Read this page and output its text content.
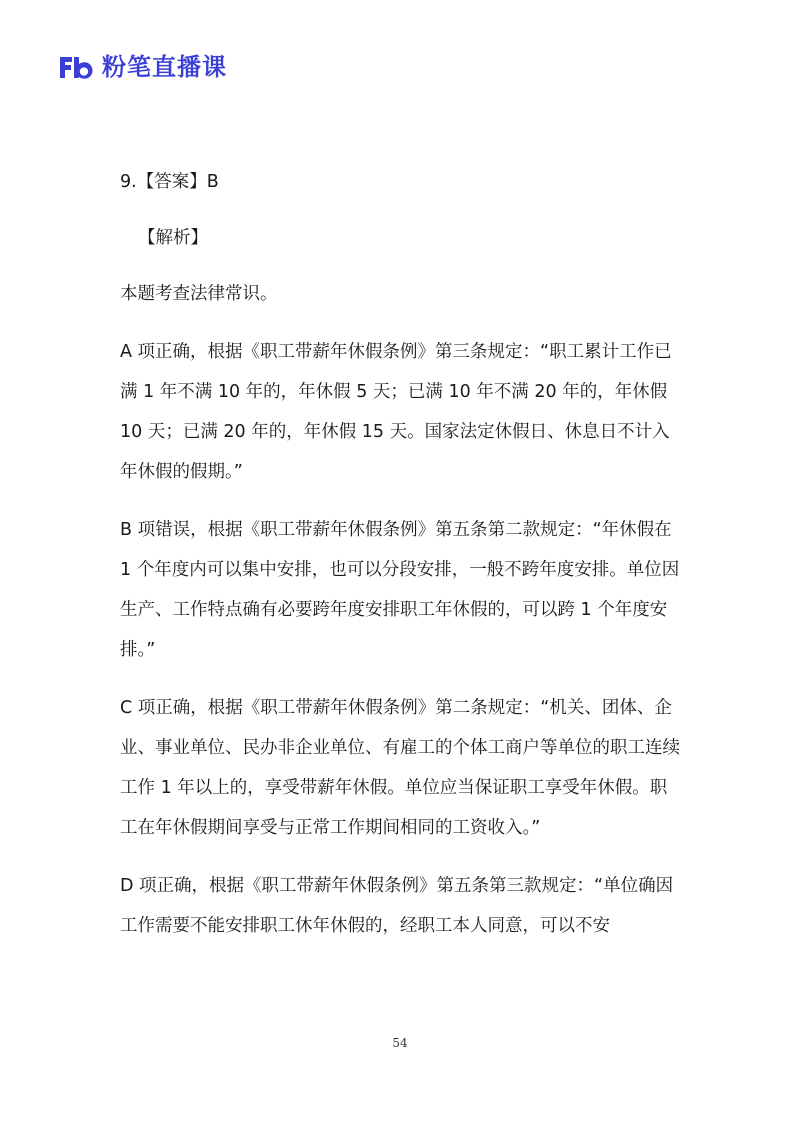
粉笔直播课

9.【答案】B

【解析】

本题考查法律常识。

A 项正确，根据《职工带薪年休假条例》第三条规定：“职工累计工作已满 1 年不满 10 年的，年休假 5 天；已满 10 年不满 20 年的，年休假 10 天；已满 20 年的，年休假 15 天。国家法定休假日、休息日不计入年休假的假期。”

B 项错误，根据《职工带薪年休假条例》第五条第二款规定：“年休假在 1 个年度内可以集中安排，也可以分段安排，一般不跨年度安排。单位因生产、工作特点确有必要跨年度安排职工年休假的，可以跨 1 个年度安排。”

C 项正确，根据《职工带薪年休假条例》第二条规定：“机关、团体、企业、事业单位、民办非企业单位、有雇工的个体工商户等单位的职工连续工作 1 年以上的，享受带薪年休假。单位应当保证职工享受年休假。职工在年休假期间享受与正常工作期间相同的工资收入。”

D 项正确，根据《职工带薪年休假条例》第五条第三款规定：“单位确因工作需要不能安排职工休年休假的，经职工本人同意，可以不安

54
